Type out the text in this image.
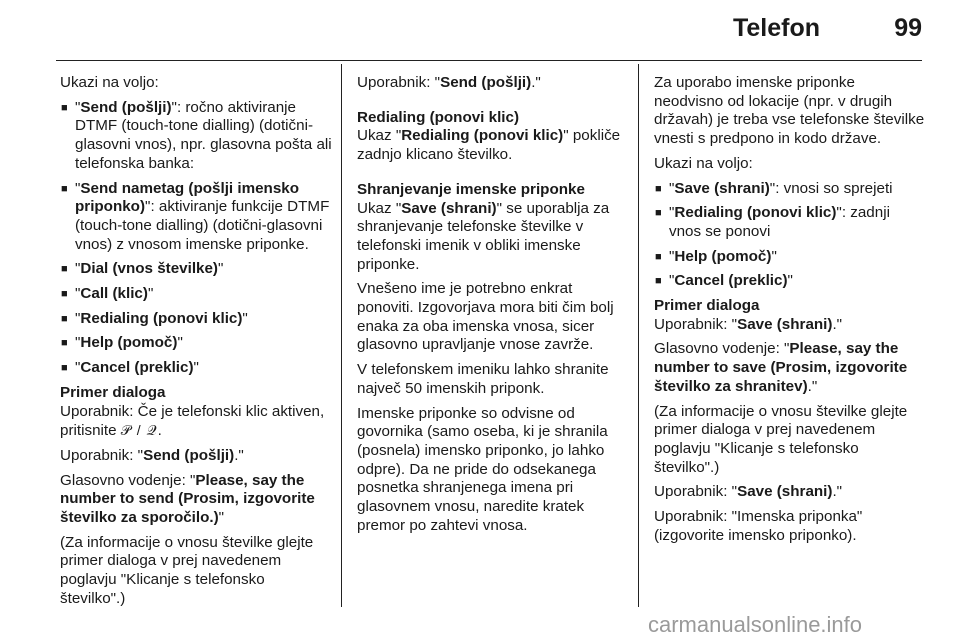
Telefon	99

Ukazi na voljo:

■ "Send (pošlji)": ročno aktiviranje DTMF (touch-tone dialling) (dotični-glasovni vnos), npr. glasovna pošta ali telefonska banka:
■ "Send nametag (pošlji imensko priponko)": aktiviranje funkcije DTMF (touch-tone dialling) (dotični-glasovni vnos) z vnosom imenske priponke.
■ "Dial (vnos številke)"
■ "Call (klic)"
■ "Redialing (ponovi klic)"
■ "Help (pomoč)"
■ "Cancel (preklic)"

Primer dialoga

Uporabnik: Če je telefonski klic aktiven, pritisnite 𝒫 / 𝒬.

Uporabnik: "Send (pošlji)."

Glasovno vodenje: "Please, say the number to send (Prosim, izgovorite številko za sporočilo.)"

(Za informacije o vnosu številke glejte primer dialoga v prej navedenem poglavju "Klicanje s telefonsko številko".)

Uporabnik: "Send (pošlji)."

Redialing (ponovi klic)

Ukaz "Redialing (ponovi klic)" pokliče zadnjo klicano številko.

Shranjevanje imenske priponke

Ukaz "Save (shrani)" se uporablja za shranjevanje telefonske številke v telefonski imenik v obliki imenske priponke.

Vnešeno ime je potrebno enkrat ponoviti. Izgovorjava mora biti čim bolj enaka za oba imenska vnosa, sicer glasovno upravljanje vnose zavrže.

V telefonskem imeniku lahko shranite največ 50 imenskih priponk.

Imenske priponke so odvisne od govornika (samo oseba, ki je shranila (posnela) imensko priponko, jo lahko odpre). Da ne pride do odsekanega posnetka shranjenega imena pri glasovnem vnosu, naredite kratek premor po zahtevi vnosa.

Za uporabo imenske priponke neodvisno od lokacije (npr. v drugih državah) je treba vse telefonske številke vnesti s predpono in kodo države.

Ukazi na voljo:

■ "Save (shrani)": vnosi so sprejeti
■ "Redialing (ponovi klic)": zadnji vnos se ponovi
■ "Help (pomoč)"
■ "Cancel (preklic)"

Primer dialoga

Uporabnik: "Save (shrani)."

Glasovno vodenje: "Please, say the number to save (Prosim, izgovorite številko za shranitev)."

(Za informacije o vnosu številke glejte primer dialoga v prej navedenem poglavju "Klicanje s telefonsko številko".)

Uporabnik: "Save (shrani)."

Uporabnik: "Imenska priponka" (izgovorite imensko priponko).

carmanualsonline.info
